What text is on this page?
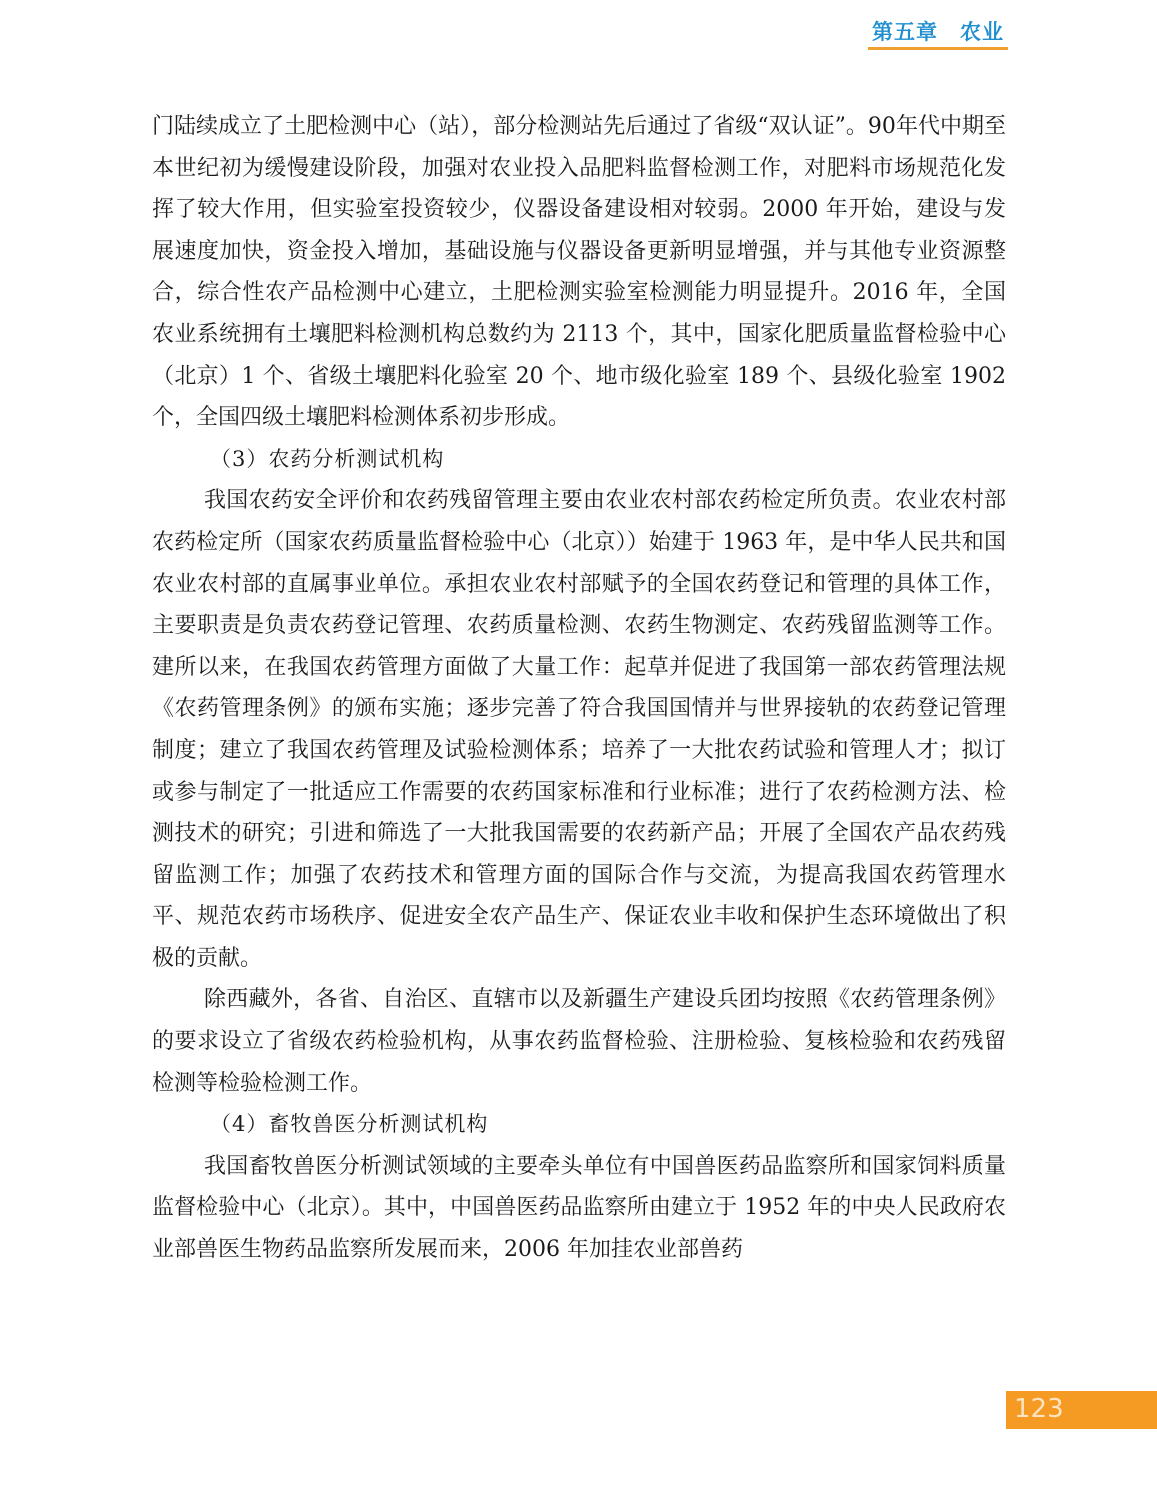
第五章 农业

门陆续成立了土肥检测中心（站），部分检测站先后通过了省级“双认证”。90年代中期至本世纪初为缓慢建设阶段，加强对农业投入品肥料监督检测工作，对肥料市场规范化发挥了较大作用，但实验室投资较少，仪器设备建设相对较弱。2000 年开始，建设与发展速度加快，资金投入增加，基础设施与仪器设备更新明显增强，并与其他专业资源整合，综合性农产品检测中心建立，土肥检测实验室检测能力明显提升。2016 年，全国农业系统拥有土壤肥料检测机构总数约为 2113 个，其中，国家化肥质量监督检验中心（北京）1 个、省级土壤肥料化验室 20 个、地市级化验室 189 个、县级化验室 1902 个，全国四级土壤肥料检测体系初步形成。

（3）农药分析测试机构

我国农药安全评价和农药残留管理主要由农业农村部农药检定所负责。农业农村部农药检定所（国家农药质量监督检验中心（北京））始建于 1963 年，是中华人民共和国农业农村部的直属事业单位。承担农业农村部赋予的全国农药登记和管理的具体工作，主要职责是负责农药登记管理、农药质量检测、农药生物测定、农药残留监测等工作。建所以来，在我国农药管理方面做了大量工作：起草并促进了我国第一部农药管理法规《农药管理条例》的颁布实施；逐步完善了符合我国国情并与世界接轨的农药登记管理制度；建立了我国农药管理及试验检测体系；培养了一大批农药试验和管理人才；拟订或参与制定了一批适应工作需要的农药国家标准和行业标准；进行了农药检测方法、检测技术的研究；引进和筛选了一大批我国需要的农药新产品；开展了全国农产品农药残留监测工作；加强了农药技术和管理方面的国际合作与交流，为提高我国农药管理水平、规范农药市场秩序、促进安全农产品生产、保证农业丰收和保护生态环境做出了积极的贡献。

除西藏外，各省、自治区、直辖市以及新疆生产建设兵团均按照《农药管理条例》的要求设立了省级农药检验机构，从事农药监督检验、注册检验、复核检验和农药残留检测等检验检测工作。

（4）畜牧兽医分析测试机构

我国畜牧兽医分析测试领域的主要牵头单位有中国兽医药品监察所和国家饲料质量监督检验中心（北京）。其中，中国兽医药品监察所由建立于 1952 年的中央人民政府农业部兽医生物药品监察所发展而来，2006 年加挂农业部兽药

123
